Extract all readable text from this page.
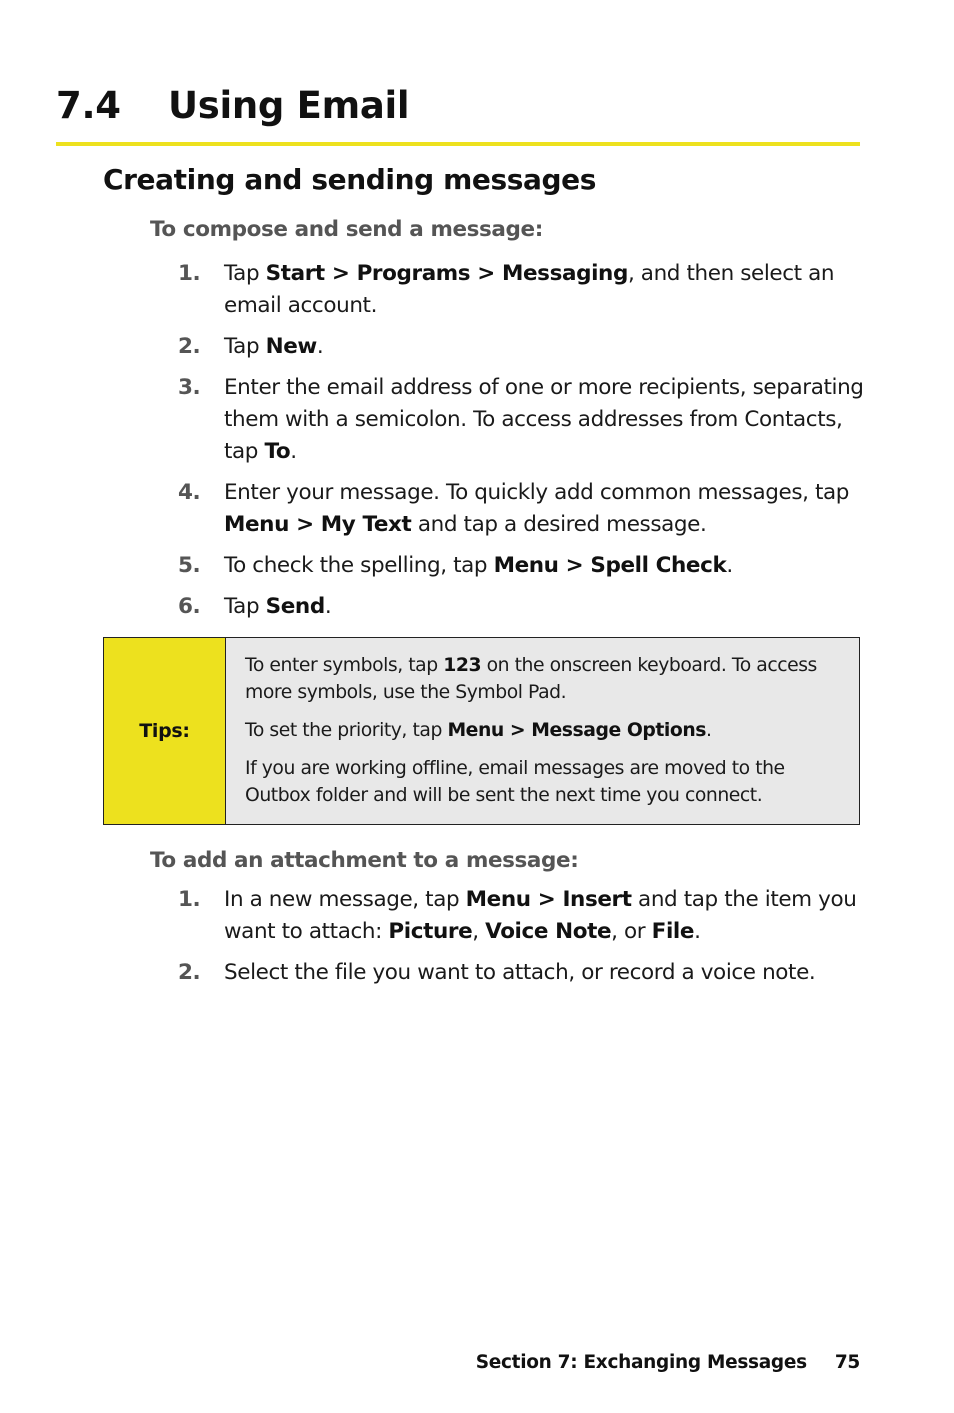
7.4 Using Email
Creating and sending messages

To compose and send a message:

1.	Tap Start > Programs > Messaging, and then select an email account.
2.	Tap New.
3.	Enter the email address of one or more recipients, separating them with a semicolon. To access addresses from Contacts, tap To.
4.	Enter your message. To quickly add common messages, tap Menu > My Text and tap a desired message.
5.	To check the spelling, tap Menu > Spell Check.
6.	Tap Send.
Tips:

To enter symbols, tap 123 on the onscreen keyboard. To access more symbols, use the Symbol Pad.

To set the priority, tap Menu > Message Options.

If you are working offline, email messages are moved to the Outbox folder and will be sent the next time you connect.

To add an attachment to a message:

1.	In a new message, tap Menu > Insert and tap the item you want to attach: Picture, Voice Note, or File.
2.	Select the file you want to attach, or record a voice note.
Section 7: Exchanging Messages 75
